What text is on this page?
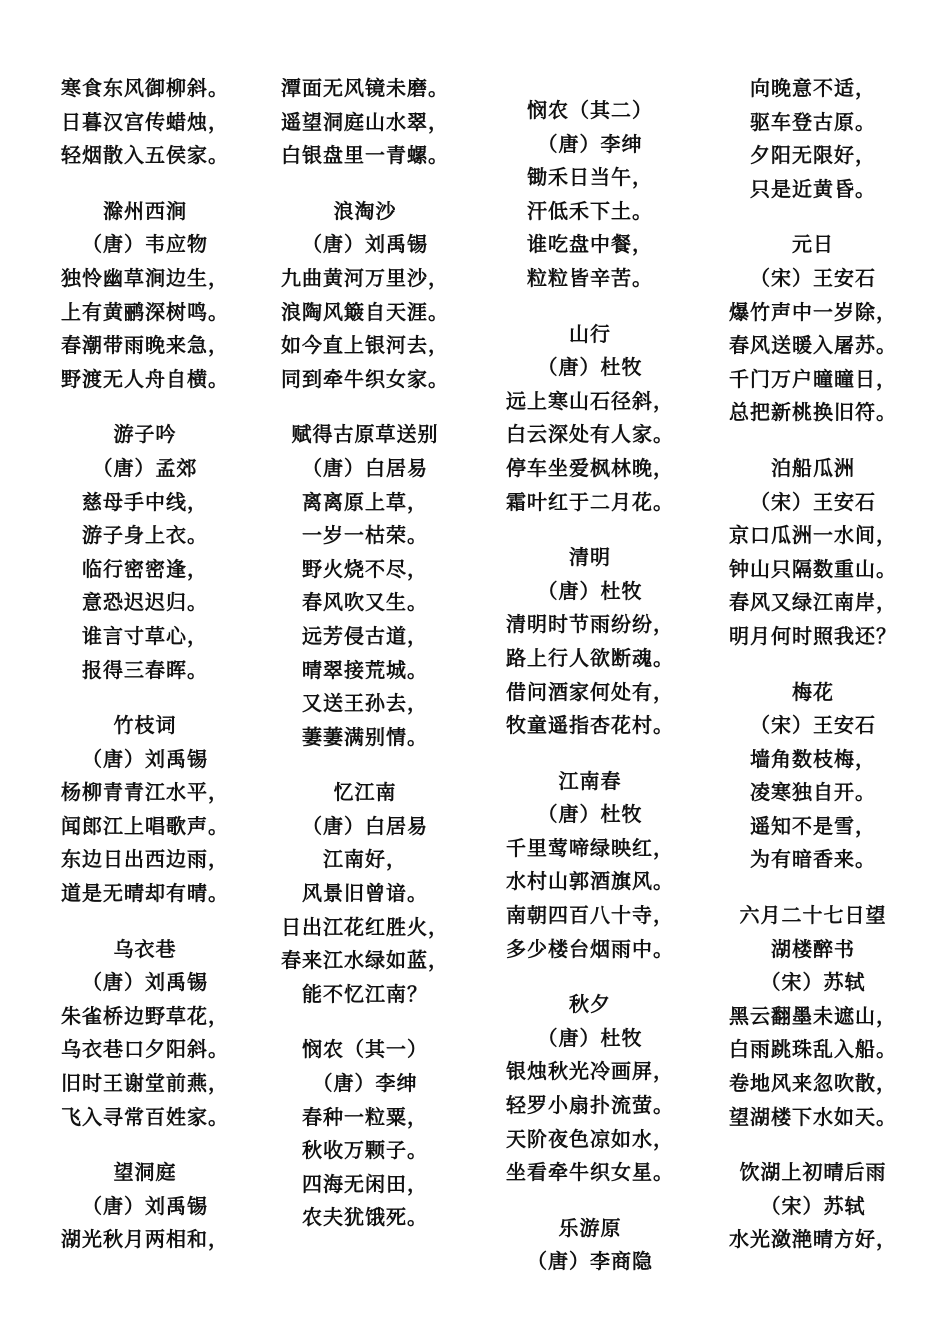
寒食东风御柳斜。
日暮汉宫传蜡烛，
轻烟散入五侯家。
滁州西涧
（唐）韦应物
独怜幽草涧边生，
上有黄鹂深树鸣。
春潮带雨晚来急，
野渡无人舟自横。
游子吟
（唐）孟郊
慈母手中线，
游子身上衣。
临行密密逢，
意恐迟迟归。
谁言寸草心，
报得三春晖。
竹枝词
（唐）刘禹锡
杨柳青青江水平，
闻郎江上唱歌声。
东边日出西边雨，
道是无晴却有晴。
乌衣巷
（唐）刘禹锡
朱雀桥边野草花，
乌衣巷口夕阳斜。
旧时王谢堂前燕，
飞入寻常百姓家。
望洞庭
（唐）刘禹锡
湖光秋月两相和，
潭面无风镜未磨。
遥望洞庭山水翠，
白银盘里一青螺。
浪淘沙
（唐）刘禹锡
九曲黄河万里沙，
浪陶风簸自天涯。
如今直上银河去，
同到牵牛织女家。
赋得古原草送别
（唐）白居易
离离原上草，
一岁一枯荣。
野火烧不尽，
春风吹又生。
远芳侵古道，
晴翠接荒城。
又送王孙去，
萋萋满别情。
忆江南
（唐）白居易
江南好，
风景旧曾谙。
日出江花红胜火，
春来江水绿如蓝，
能不忆江南？
悯农（其一）
（唐）李绅
春种一粒粟，
秋收万颗子。
四海无闲田，
农夫犹饿死。
悯农（其二）
（唐）李绅
锄禾日当午，
汗低禾下土。
谁吃盘中餐，
粒粒皆辛苦。
山行
（唐）杜牧
远上寒山石径斜，
白云深处有人家。
停车坐爱枫林晚，
霜叶红于二月花。
清明
（唐）杜牧
清明时节雨纷纷，
路上行人欲断魂。
借问酒家何处有，
牧童遥指杏花村。
江南春
（唐）杜牧
千里莺啼绿映红，
水村山郭酒旗风。
南朝四百八十寺，
多少楼台烟雨中。
秋夕
（唐）杜牧
银烛秋光冷画屏，
轻罗小扇扑流萤。
天阶夜色凉如水，
坐看牵牛织女星。
乐游原
（唐）李商隐
向晚意不适，
驱车登古原。
夕阳无限好，
只是近黄昏。
元日
（宋）王安石
爆竹声中一岁除，
春风送暖入屠苏。
千门万户曈曈日，
总把新桃换旧符。
泊船瓜洲
（宋）王安石
京口瓜洲一水间，
钟山只隔数重山。
春风又绿江南岸，
明月何时照我还？
梅花
（宋）王安石
墙角数枝梅，
凌寒独自开。
遥知不是雪，
为有暗香来。
六月二十七日望
湖楼醉书
（宋）苏轼
黑云翻墨未遮山，
白雨跳珠乱入船。
卷地风来忽吹散，
望湖楼下水如天。
饮湖上初晴后雨
（宋）苏轼
水光潋滟晴方好，
